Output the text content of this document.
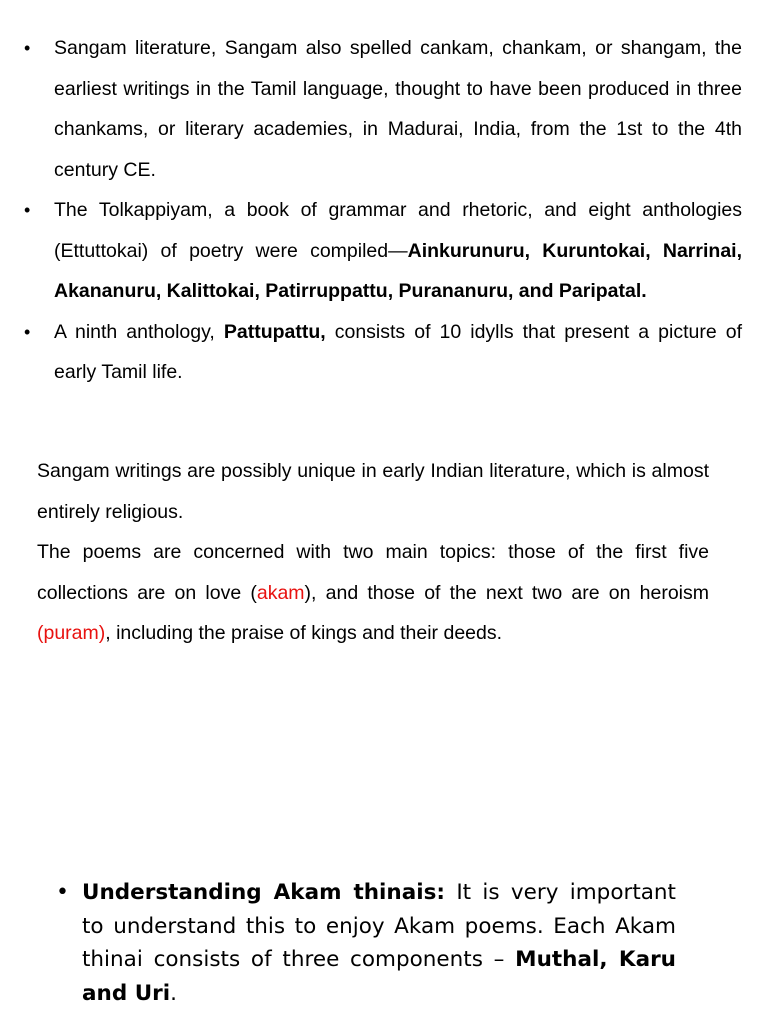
• Sangam literature, Sangam also spelled cankam, chankam, or shangam, the earliest writings in the Tamil language, thought to have been produced in three chankams, or literary academies, in Madurai, India, from the 1st to the 4th century CE.

• The Tolkappiyam, a book of grammar and rhetoric, and eight anthologies (Ettuttokai) of poetry were compiled—Ainkurunuru, Kuruntokai, Narrinai, Akananuru, Kalittokai, Patirruppattu, Purananuru, and Paripatal.

• A ninth anthology, Pattupattu, consists of 10 idylls that present a picture of early Tamil life.

Sangam writings are possibly unique in early Indian literature, which is almost entirely religious.

The poems are concerned with two main topics: those of the first five collections are on love (akam), and those of the next two are on heroism (puram), including the praise of kings and their deeds.

• Understanding Akam thinais: It is very important to understand this to enjoy Akam poems. Each Akam thinai consists of three components – Muthal, Karu and Uri.
